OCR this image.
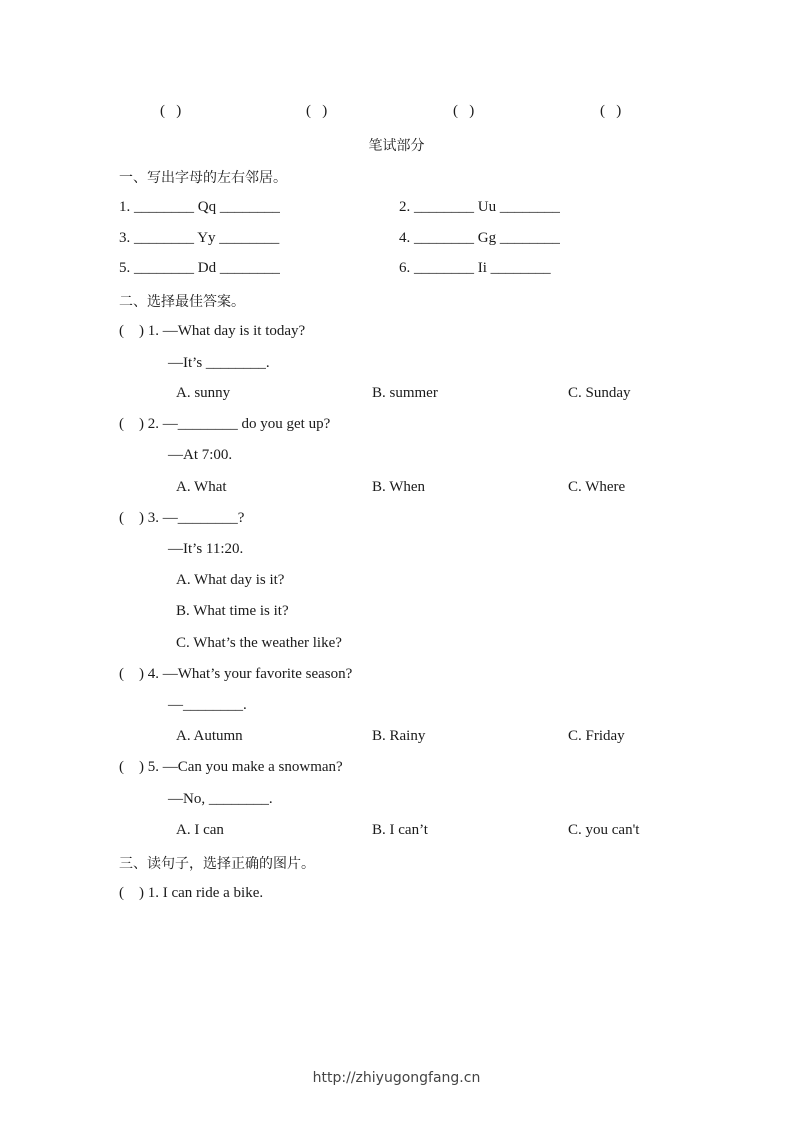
(   )	(   )	(   )	(   )
笔试部分
一、写出字母的左右邻居。
1. ________ Qq ________	2. ________ Uu ________
3. ________ Yy ________	4. ________ Gg ________
5. ________ Dd ________	6. ________ Ii ________
二、选择最佳答案。
(    ) 1. —What day is it today?
—It’s ________.
A. sunny	B. summer	C. Sunday
(    ) 2. —________ do you get up?
—At 7:00.
A. What	B. When	C. Where
(    ) 3. —________?
—It’s 11:20.
A. What day is it?
B. What time is it?
C. What’s the weather like?
(    ) 4. —What’s your favorite season?
—________.
A. Autumn	B. Rainy	C. Friday
(    ) 5. —Can you make a snowman?
—No, ________.
A. I can	B. I can’t	C. you can't
三、读句子，选择正确的图片。
(    ) 1. I can ride a bike.
http://zhiyugongfang.cn
